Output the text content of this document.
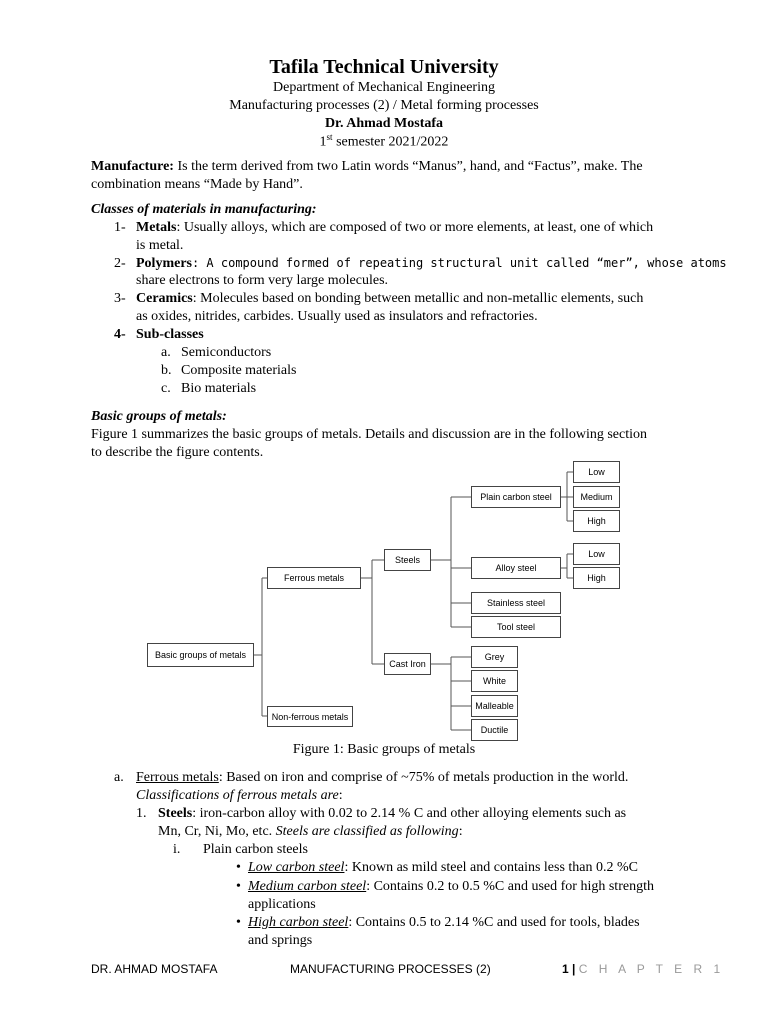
Tafila Technical University
Department of Mechanical Engineering
Manufacturing processes (2) / Metal forming processes
Dr. Ahmad Mostafa
1st semester 2021/2022
Manufacture: Is the term derived from two Latin words “Manus”, hand, and “Factus”, make. The
combination means “Made by Hand”.
Classes of materials in manufacturing:
1- Metals: Usually alloys, which are composed of two or more elements, at least, one of which
is metal.
2- Polymers: A compound formed of repeating structural unit called “mer”, whose atoms
share electrons to form very large molecules.
3- Ceramics: Molecules based on bonding between metallic and non-metallic elements, such
as oxides, nitrides, carbides. Usually used as insulators and refractories.
4- Sub-classes
a. Semiconductors
b. Composite materials
c. Bio materials
Basic groups of metals:
Figure 1 summarizes the basic groups of metals. Details and discussion are in the following section
to describe the figure contents.
Basic groups of metals
Ferrous metals
Non-ferrous metals
Steels
Cast Iron
Plain carbon steel
Alloy steel
Stainless steel
Tool steel
Low
Medium
High
Low
High
Grey
White
Malleable
Ductile
Figure 1: Basic groups of metals
a. Ferrous metals: Based on iron and comprise of ~75% of metals production in the world.
Classifications of ferrous metals are:
1. Steels: iron-carbon alloy with 0.02 to 2.14 % C and other alloying elements such as
Mn, Cr, Ni, Mo, etc. Steels are classified as following:
i. Plain carbon steels
• Low carbon steel: Known as mild steel and contains less than 0.2 %C
• Medium carbon steel: Contains 0.2 to 0.5 %C and used for high strength
applications
• High carbon steel: Contains 0.5 to 2.14 %C and used for tools, blades
and springs
DR. AHMAD MOSTAFA	MANUFACTURING PROCESSES (2)	1 | C H A P T E R 1
